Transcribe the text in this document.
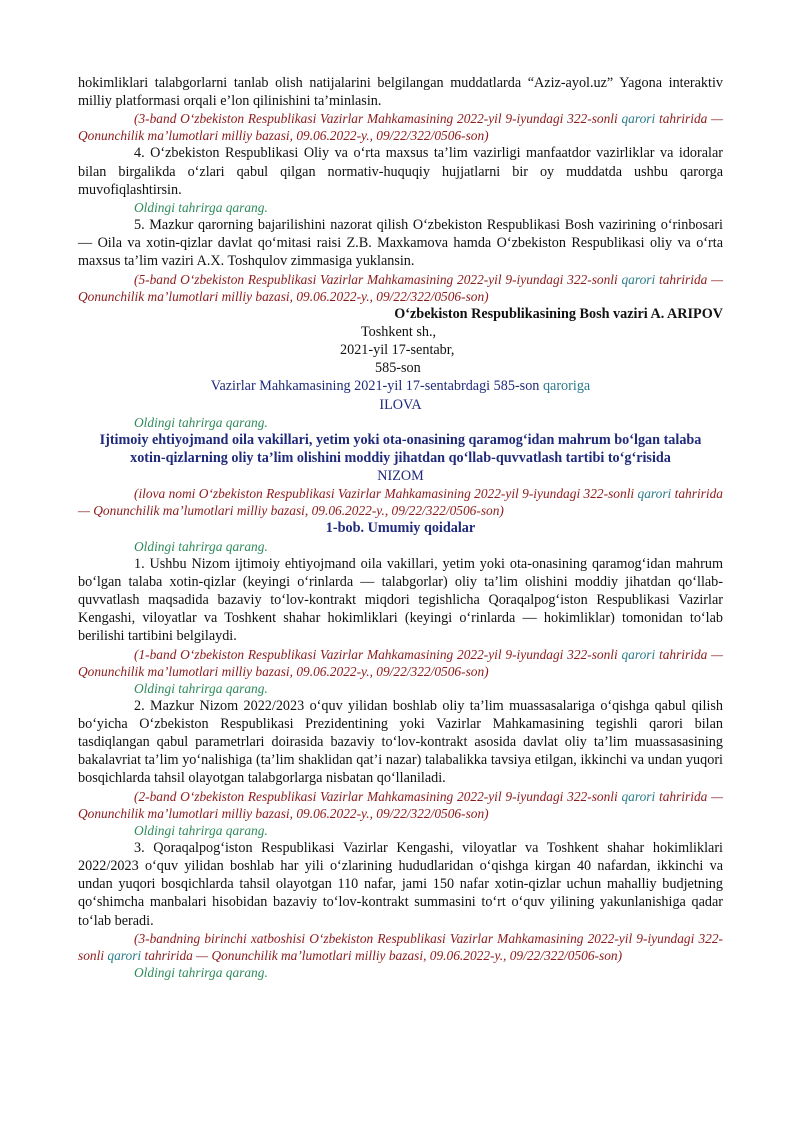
hokimliklari talabgorlarni tanlab olish natijalarini belgilangan muddatlarda “Aziz-ayol.uz” Yagona interaktiv milliy platformasi orqali e’lon qilinishini ta’minlasin.

(3-band O‘zbekiston Respublikasi Vazirlar Mahkamasining 2022-yil 9-iyundagi 322-sonli qarori tahririda — Qonunchilik ma’lumotlari milliy bazasi, 09.06.2022-y., 09/22/322/0506-son)

4. O‘zbekiston Respublikasi Oliy va o‘rta maxsus ta’lim vazirligi manfaatdor vazirliklar va idoralar bilan birgalikda o‘zlari qabul qilgan normativ-huquqiy hujjatlarni bir oy muddatda ushbu qarorga muvofiqlashtirsin.

Oldingi tahrirga qarang.

5. Mazkur qarorning bajarilishini nazorat qilish O‘zbekiston Respublikasi Bosh vazirining o‘rinbosari — Oila va xotin-qizlar davlat qo‘mitasi raisi Z.B. Maxkamova hamda O‘zbekiston Respublikasi oliy va o‘rta maxsus ta’lim vaziri A.X. Toshqulov zimmasiga yuklansin.

(5-band O‘zbekiston Respublikasi Vazirlar Mahkamasining 2022-yil 9-iyundagi 322-sonli qarori tahririda — Qonunchilik ma’lumotlari milliy bazasi, 09.06.2022-y., 09/22/322/0506-son)

O‘zbekiston Respublikasining Bosh vaziri A. ARIPOV

Toshkent sh.,

2021-yil 17-sentabr,

585-son

Vazirlar Mahkamasining 2021-yil 17-sentabrdagi 585-son qaroriga

ILOVA

Oldingi tahrirga qarang.

Ijtimoiy ehtiyojmand oila vakillari, yetim yoki ota-onasining qaramog‘idan mahrum bo‘lgan talaba xotin-qizlarning oliy ta’lim olishini moddiy jihatdan qo‘llab-quvvatlash tartibi to‘g‘risida

NIZOM

(ilova nomi O‘zbekiston Respublikasi Vazirlar Mahkamasining 2022-yil 9-iyundagi 322-sonli qarori tahririda — Qonunchilik ma’lumotlari milliy bazasi, 09.06.2022-y., 09/22/322/0506-son)

1-bob. Umumiy qoidalar

Oldingi tahrirga qarang.

1. Ushbu Nizom ijtimoiy ehtiyojmand oila vakillari, yetim yoki ota-onasining qaramog‘idan mahrum bo‘lgan talaba xotin-qizlar (keyingi o‘rinlarda — talabgorlar) oliy ta’lim olishini moddiy jihatdan qo‘llab-quvvatlash maqsadida bazaviy to‘lov-kontrakt miqdori tegishlicha Qoraqalpog‘iston Respublikasi Vazirlar Kengashi, viloyatlar va Toshkent shahar hokimliklari (keyingi o‘rinlarda — hokimliklar) tomonidan to‘lab berilishi tartibini belgilaydi.

(1-band O‘zbekiston Respublikasi Vazirlar Mahkamasining 2022-yil 9-iyundagi 322-sonli qarori tahririda — Qonunchilik ma’lumotlari milliy bazasi, 09.06.2022-y., 09/22/322/0506-son)

Oldingi tahrirga qarang.

2. Mazkur Nizom 2022/2023 o‘quv yilidan boshlab oliy ta’lim muassasalariga o‘qishga qabul qilish bo‘yicha O‘zbekiston Respublikasi Prezidentining yoki Vazirlar Mahkamasining tegishli qarori bilan tasdiqlangan qabul parametrlari doirasida bazaviy to‘lov-kontrakt asosida davlat oliy ta’lim muassasasining bakalavriat ta’lim yo‘nalishiga (ta’lim shaklidan qat’i nazar) talabalikka tavsiya etilgan, ikkinchi va undan yuqori bosqichlarda tahsil olayotgan talabgorlarga nisbatan qo‘llaniladi.

(2-band O‘zbekiston Respublikasi Vazirlar Mahkamasining 2022-yil 9-iyundagi 322-sonli qarori tahririda — Qonunchilik ma’lumotlari milliy bazasi, 09.06.2022-y., 09/22/322/0506-son)

Oldingi tahrirga qarang.

3. Qoraqalpog‘iston Respublikasi Vazirlar Kengashi, viloyatlar va Toshkent shahar hokimliklari 2022/2023 o‘quv yilidan boshlab har yili o‘zlarining hududlaridan o‘qishga kirgan 40 nafardan, ikkinchi va undan yuqori bosqichlarda tahsil olayotgan 110 nafar, jami 150 nafar xotin-qizlar uchun mahalliy budjetning qo‘shimcha manbalari hisobidan bazaviy to‘lov-kontrakt summasini to‘rt o‘quv yilining yakunlanishiga qadar to‘lab beradi.

(3-bandning birinchi xatboshisi O‘zbekiston Respublikasi Vazirlar Mahkamasining 2022-yil 9-iyundagi 322-sonli qarori tahririda — Qonunchilik ma’lumotlari milliy bazasi, 09.06.2022-y., 09/22/322/0506-son)

Oldingi tahrirga qarang.
